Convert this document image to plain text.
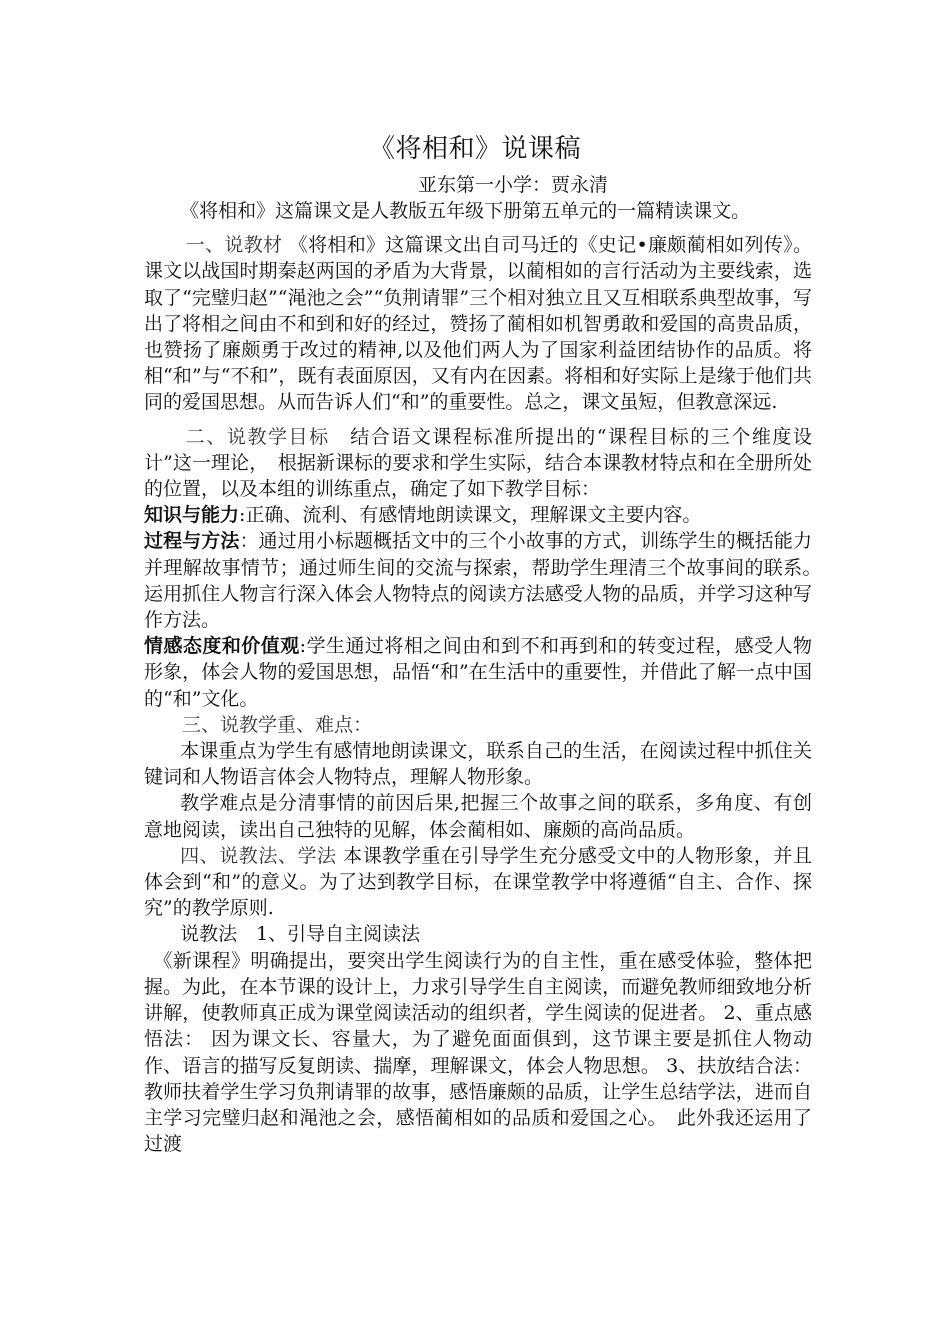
《将相和》说课稿
亚东第一小学：贾永清

《将相和》这篇课文是人教版五年级下册第五单元的一篇精读课文。

一、说教材 《将相和》这篇课文出自司马迁的《史记•廉颇蔺相如列传》。课文以战国时期秦赵两国的矛盾为大背景，以蔺相如的言行活动为主要线索，选取了“完璧归赵”“渑池之会”“负荆请罪”三个相对独立且又互相联系典型故事，写出了将相之间由不和到和好的经过，赞扬了蔺相如机智勇敢和爱国的高贵品质，也赞扬了廉颇勇于改过的精神,以及他们两人为了国家利益团结协作的品质。将相“和”与“不和”，既有表面原因，又有内在因素。将相和好实际上是缘于他们共同的爱国思想。从而告诉人们“和”的重要性。总之，课文虽短，但教意深远.

二、说教学目标　结合语文课程标准所提出的“课程目标的三个维度设计”这一理论，　根据新课标的要求和学生实际，结合本课教材特点和在全册所处的位置，以及本组的训练重点，确定了如下教学目标：

知识与能力:正确、流利、有感情地朗读课文，理解课文主要内容。

过程与方法：通过用小标题概括文中的三个小故事的方式，训练学生的概括能力并理解故事情节；通过师生间的交流与探索，帮助学生理清三个故事间的联系。　　运用抓住人物言行深入体会人物特点的阅读方法感受人物的品质，并学习这种写作方法。

情感态度和价值观:学生通过将相之间由和到不和再到和的转变过程，感受人物形象，体会人物的爱国思想，品悟“和”在生活中的重要性，并借此了解一点中国的“和”文化。

三、说教学重、难点：

本课重点为学生有感情地朗读课文，联系自己的生活，在阅读过程中抓住关键词和人物语言体会人物特点，理解人物形象。

教学难点是分清事情的前因后果,把握三个故事之间的联系，多角度、有创意地阅读，读出自己独特的见解，体会蔺相如、廉颇的高尚品质。

四、说教法、学法 本课教学重在引导学生充分感受文中的人物形象，并且体会到“和”的意义。为了达到教学目标，在课堂教学中将遵循“自主、合作、探究”的教学原则.

说教法　1、引导自主阅读法

《新课程》明确提出，要突出学生阅读行为的自主性，重在感受体验，整体把握。为此，在本节课的设计上，力求引导学生自主阅读，而避免教师细致地分析讲解，使教师真正成为课堂阅读活动的组织者，学生阅读的促进者。 2、重点感悟法： 因为课文长、容量大，为了避免面面俱到，这节课主要是抓住人物动作、语言的描写反复朗读、揣摩，理解课文，体会人物思想。 3、扶放结合法： 教师扶着学生学习负荆请罪的故事，感悟廉颇的品质，让学生总结学法，进而自主学习完璧归赵和渑池之会，感悟蔺相如的品质和爱国之心。　此外我还运用了过渡
